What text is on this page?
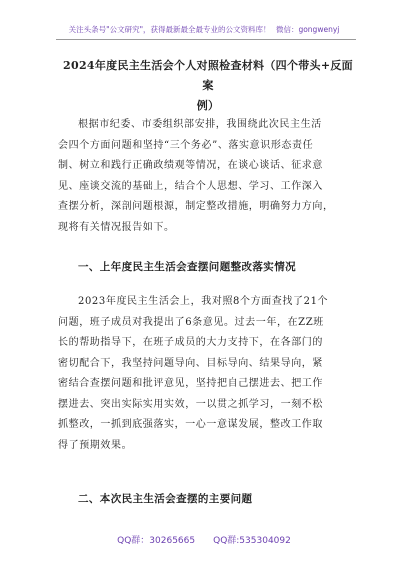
关注头条号"公文研究"，获得最新最全最专业的公文资料库！ 微信：gongwenyj
2024年度民主生活会个人对照检查材料（四个带头+反面案
例）
根据市纪委、市委组织部安排，我围绕此次民主生活
会四个方面问题和坚持“三个务必”、落实意识形态责任
制、树立和践行正确政绩观等情况，在谈心谈话、征求意
见、座谈交流的基础上，结合个人思想、学习、工作深入
查摆分析，深剖问题根源，制定整改措施，明确努力方向，
现将有关情况报告如下。
一、上年度民主生活会查摆问题整改落实情况
2023年度民主生活会上，我对照8个方面查找了21个
问题，班子成员对我提出了6条意见。过去一年，在ZZ班
长的帮助指导下，在班子成员的大力支持下，在各部门的
密切配合下，我坚持问题导向、目标导向、结果导向，紧
密结合查摆问题和批评意见，坚持把自己摆进去、把工作
摆进去、突出实际实用实效，一以贯之抓学习，一刻不松
抓整改，一抓到底强落实，一心一意谋发展，整改工作取
得了预期效果。
二、本次民主生活会查摆的主要问题
QQ群：30265665 QQ群:535304092
